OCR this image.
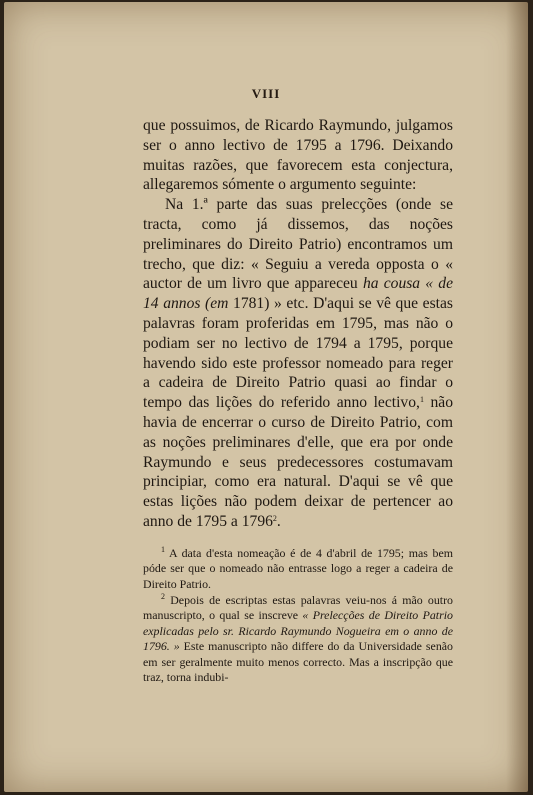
VIII

que possuimos, de Ricardo Raymundo, julgamos ser o anno lectivo de 1795 a 1796. Deixando muitas razões, que favorecem esta conjectura, allegaremos sómente o argumento seguinte:

Na 1.ª parte das suas prelecções (onde se tracta, como já dissemos, das noções preliminares do Direito Patrio) encontramos um trecho, que diz: « Seguiu a vereda opposta o « auctor de um livro que appareceu ha cousa « de 14 annos (em 1781) » etc. D'aqui se vê que estas palavras foram proferidas em 1795, mas não o podiam ser no lectivo de 1794 a 1795, porque havendo sido este professor nomeado para reger a cadeira de Direito Patrio quasi ao findar o tempo das lições do referido anno lectivo,$^1$ não havia de encerrar o curso de Direito Patrio, com as noções preliminares d'elle, que era por onde Raymundo e seus predecessores costumavam principiar, como era natural. D'aqui se vê que estas lições não podem deixar de pertencer ao anno de 1795 a 1796$^2$.

$^1$ A data d'esta nomeação é de 4 d'abril de 1795; mas bem póde ser que o nomeado não entrasse logo a reger a cadeira de Direito Patrio.

$^2$ Depois de escriptas estas palavras veiu-nos á mão outro manuscripto, o qual se inscreve « Prelecções de Direito Patrio explicadas pelo sr. Ricardo Raymundo Nogueira em o anno de 1796. » Este manuscripto não differe do da Universidade senão em ser geralmente muito menos correcto. Mas a inscripção que traz, torna indubi-
